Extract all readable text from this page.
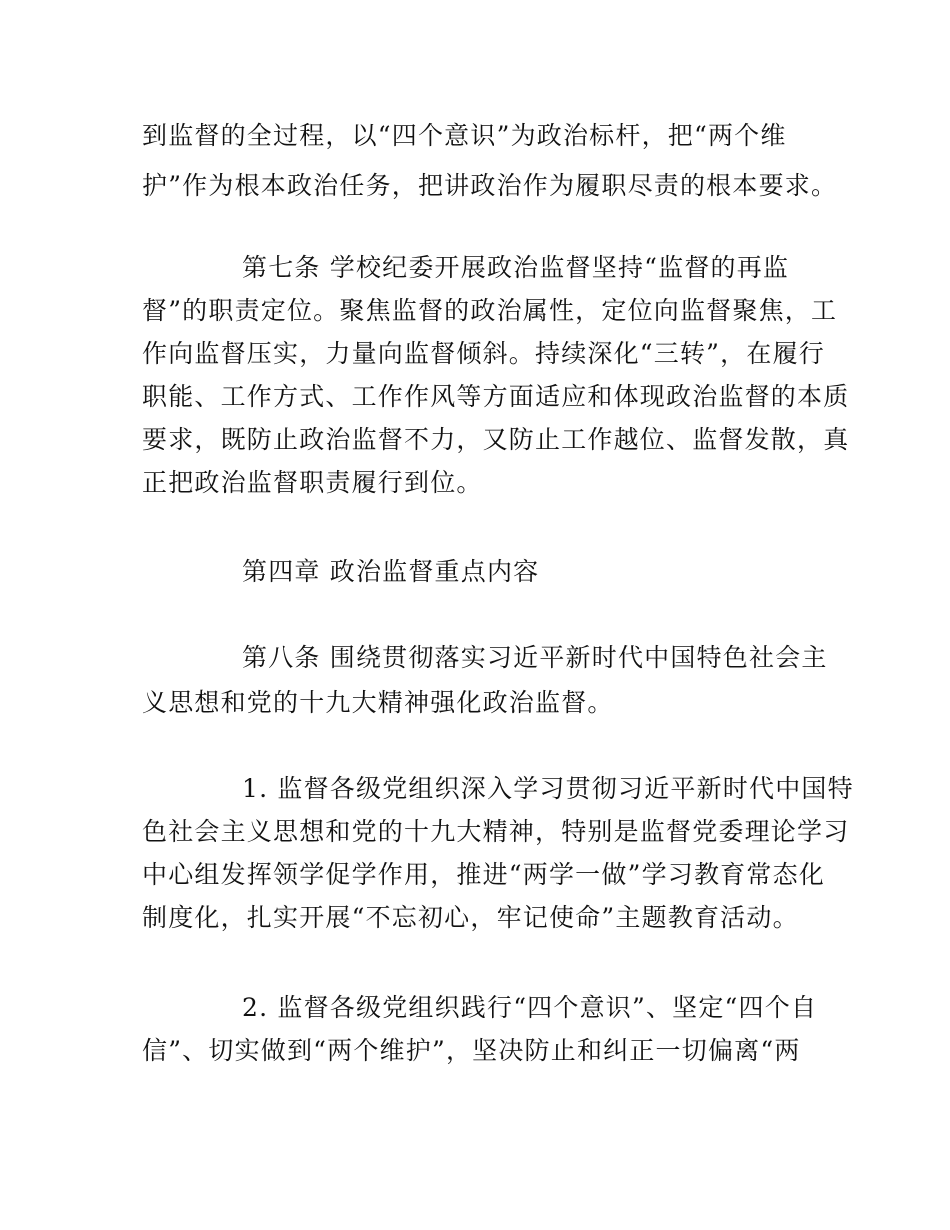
到监督的全过程，以“四个意识”为政治标杆，把“两个维
护”作为根本政治任务，把讲政治作为履职尽责的根本要求。
第七条 学校纪委开展政治监督坚持“监督的再监
督”的职责定位。聚焦监督的政治属性，定位向监督聚焦，工
作向监督压实，力量向监督倾斜。持续深化“三转”，在履行
职能、工作方式、工作作风等方面适应和体现政治监督的本质
要求，既防止政治监督不力，又防止工作越位、监督发散，真
正把政治监督职责履行到位。
第四章 政治监督重点内容
第八条 围绕贯彻落实习近平新时代中国特色社会主
义思想和党的十九大精神强化政治监督。
1. 监督各级党组织深入学习贯彻习近平新时代中国特
色社会主义思想和党的十九大精神，特别是监督党委理论学习
中心组发挥领学促学作用，推进“两学一做”学习教育常态化
制度化，扎实开展“不忘初心，牢记使命”主题教育活动。
2. 监督各级党组织践行“四个意识”、坚定“四个自
信”、切实做到“两个维护”，坚决防止和纠正一切偏离“两
